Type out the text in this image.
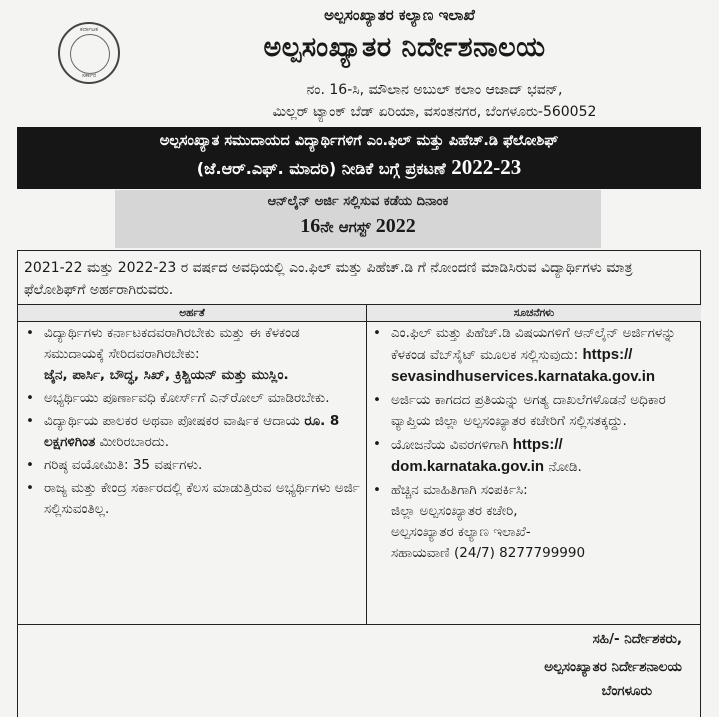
ಕರ್ನಾಟಕ
ಸರ್ಕಾರ
ಅಲ್ಪಸಂಖ್ಯಾತರ ಕಲ್ಯಾಣ ಇಲಾಖೆ
ಅಲ್ಪಸಂಖ್ಯಾತರ ನಿರ್ದೇಶನಾಲಯ
ನಂ. 16-ಸಿ, ಮೌಲಾನ ಅಬುಲ್ ಕಲಾಂ ಆಜಾದ್ ಭವನ್,
ಮಿಲ್ಲರ್ ಟ್ಯಾಂಕ್ ಬೆಡ್ ಏರಿಯಾ, ವಸಂತನಗರ, ಬೆಂಗಳೂರು-560052
ಅಲ್ಪಸಂಖ್ಯಾತ ಸಮುದಾಯದ ವಿದ್ಯಾರ್ಥಿಗಳಿಗೆ ಎಂ.ಫಿಲ್ ಮತ್ತು ಪಿಹೆಚ್.ಡಿ ಫೆಲೋಶಿಫ್
(ಜೆ.ಆರ್.ಎಫ್. ಮಾದರಿ) ನೀಡಿಕೆ ಬಗ್ಗೆ ಪ್ರಕಟಣೆ 2022-23
ಆನ್‌ಲೈನ್ ಅರ್ಜಿ ಸಲ್ಲಿಸುವ ಕಡೆಯ ದಿನಾಂಕ
16ನೇ ಆಗಸ್ಟ್ 2022
2021-22 ಮತ್ತು 2022-23 ರ ವರ್ಷದ ಅವಧಿಯಲ್ಲಿ ಎಂ.ಫಿಲ್ ಮತ್ತು ಪಿಹೆಚ್.ಡಿ ಗೆ ನೋಂದಣಿ ಮಾಡಿಸಿರುವ ವಿದ್ಯಾರ್ಥಿಗಳು ಮಾತ್ರ ಫೆಲೋಶಿಫ್‌ಗೆ ಅರ್ಹರಾಗಿರುವರು.
ಅರ್ಹತೆ	ಸೂಚನೆಗಳು
• ವಿದ್ಯಾರ್ಥಿಗಳು ಕರ್ನಾಟಕದವರಾಗಿರಬೇಕು ಮತ್ತು ಈ ಕೆಳಕಂಡ ಸಮುದಾಯಕ್ಕೆ ಸೇರಿದವರಾಗಿರಬೇಕು:
ಜೈನ, ಪಾರ್ಸಿ, ಬೌದ್ಧ, ಸಿಖ್, ಕ್ರಿಶ್ಚಿಯನ್ ಮತ್ತು ಮುಸ್ಲಿಂ.
• ಅಭ್ಯರ್ಥಿಯು ಪೂರ್ಣಾವಧಿ ಕೋರ್ಸ್‌ಗೆ ಎನ್‌ರೋಲ್ ಮಾಡಿರಬೇಕು.
• ವಿದ್ಯಾರ್ಥಿಯ ಪಾಲಕರ ಅಥವಾ ಪೋಷಕರ ವಾರ್ಷಿಕ ಆದಾಯ ರೂ. 8 ಲಕ್ಷಗಳಿಗಿಂತ ಮೀರಿರಬಾರದು.
• ಗರಿಷ್ಠ ವಯೋಮಿತಿ: 35 ವರ್ಷಗಳು.
• ರಾಜ್ಯ ಮತ್ತು ಕೇಂದ್ರ ಸರ್ಕಾರದಲ್ಲಿ ಕೆಲಸ ಮಾಡುತ್ತಿರುವ ಅಭ್ಯರ್ಥಿಗಳು ಅರ್ಜಿ ಸಲ್ಲಿಸುವಂತಿಲ್ಲ.
• ಎಂ.ಫಿಲ್ ಮತ್ತು ಪಿಹೆಚ್.ಡಿ ವಿಷಯಗಳಿಗೆ ಆನ್‌ಲೈನ್ ಅರ್ಜಿಗಳನ್ನು ಕೆಳಕಂಡ ವೆಬ್‌ಸೈಟ್ ಮೂಲಕ ಸಲ್ಲಿಸುವುದು: https://
sevasindhuservices.karnataka.gov.in
• ಅರ್ಜಿಯ ಕಾಗದದ ಪ್ರತಿಯನ್ನು ಅಗತ್ಯ ದಾಖಲೆಗಳೊಡನೆ ಅಧಿಕಾರ ವ್ಯಾಪ್ತಿಯ ಜಿಲ್ಲಾ ಅಲ್ಪಸಂಖ್ಯಾತರ ಕಚೇರಿಗೆ ಸಲ್ಲಿಸತಕ್ಕದ್ದು.
• ಯೋಜನೆಯ ವಿವರಗಳಿಗಾಗಿ https://
dom.karnataka.gov.in ನೋಡಿ.
• ಹೆಚ್ಚಿನ ಮಾಹಿತಿಗಾಗಿ ಸಂಪರ್ಕಿಸಿ:
ಜಿಲ್ಲಾ ಅಲ್ಪಸಂಖ್ಯಾತರ ಕಚೇರಿ,
ಅಲ್ಪಸಂಖ್ಯಾತರ ಕಲ್ಯಾಣ ಇಲಾಖೆ-
ಸಹಾಯವಾಣಿ (24/7) 8277799990
ಸಹಿ/- ನಿರ್ದೇಶಕರು,
ಅಲ್ಪಸಂಖ್ಯಾತರ ನಿರ್ದೇಶನಾಲಯ
ಬೆಂಗಳೂರು
